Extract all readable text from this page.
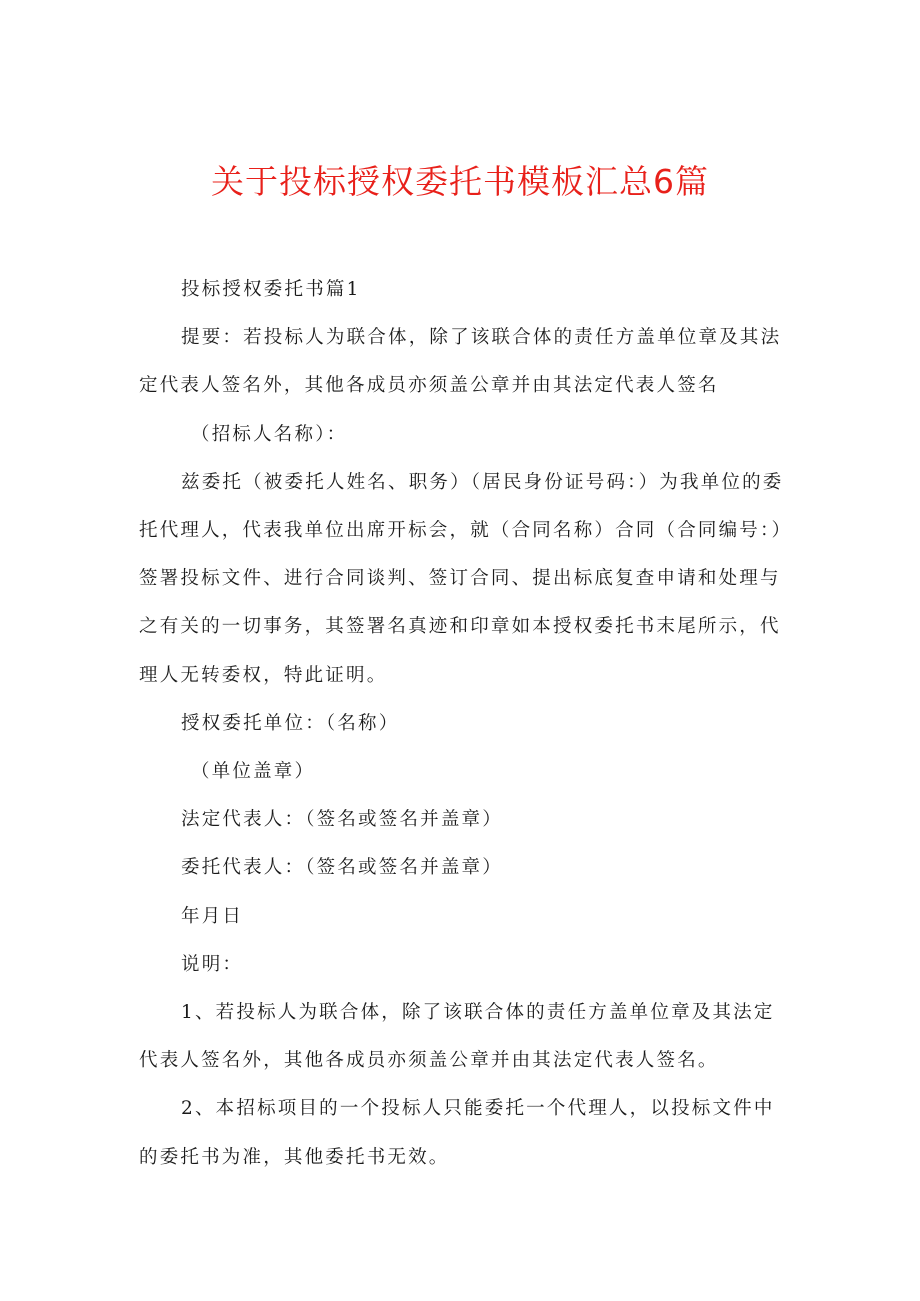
关于投标授权委托书模板汇总6篇

投标授权委托书篇1

提要：若投标人为联合体，除了该联合体的责任方盖单位章及其法定代表人签名外，其他各成员亦须盖公章并由其法定代表人签名

（招标人名称）：

兹委托（被委托人姓名、职务）（居民身份证号码：）为我单位的委托代理人，代表我单位出席开标会，就（合同名称）合同（合同编号：）签署投标文件、进行合同谈判、签订合同、提出标底复查申请和处理与之有关的一切事务，其签署名真迹和印章如本授权委托书末尾所示，代理人无转委权，特此证明。

授权委托单位：（名称）

（单位盖章）

法定代表人：（签名或签名并盖章）

委托代表人：（签名或签名并盖章）

年月日

说明：

1、若投标人为联合体，除了该联合体的责任方盖单位章及其法定代表人签名外，其他各成员亦须盖公章并由其法定代表人签名。

2、本招标项目的一个投标人只能委托一个代理人，以投标文件中的委托书为准，其他委托书无效。
